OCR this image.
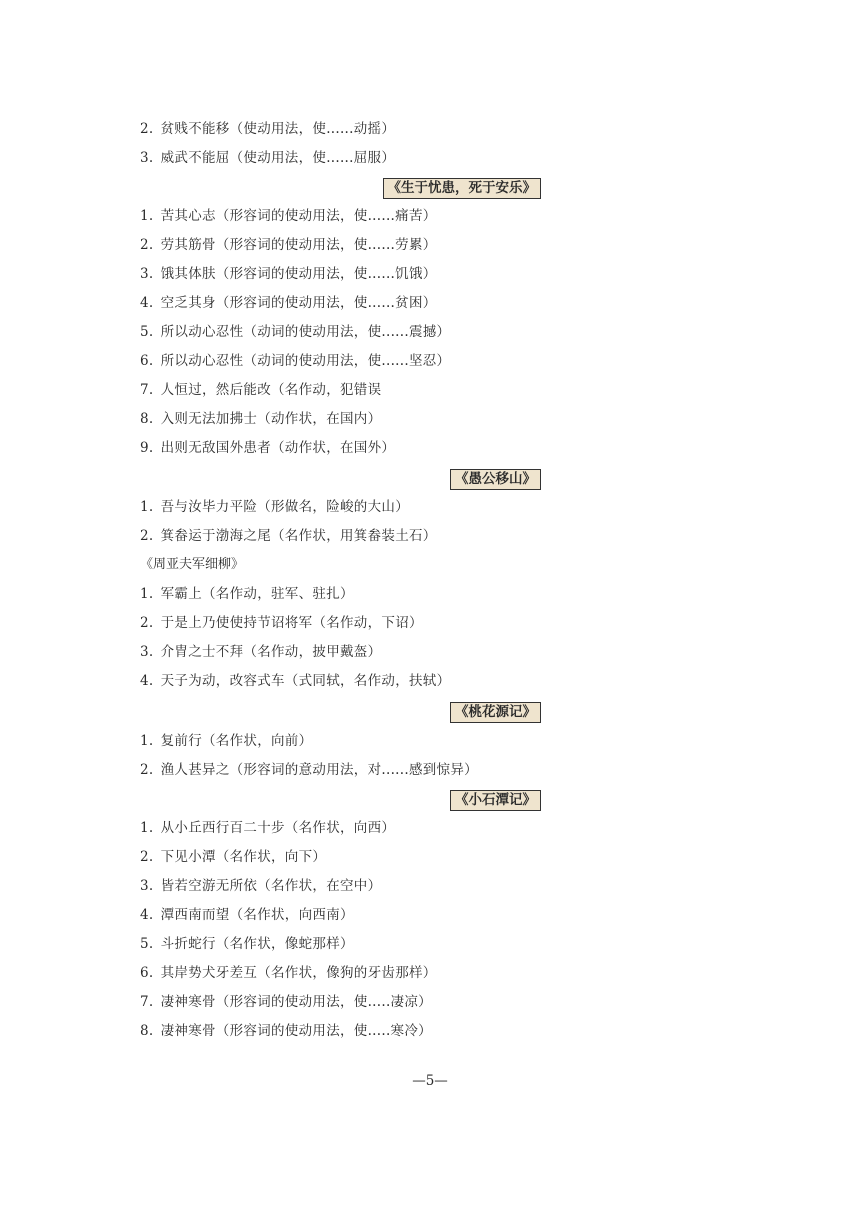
2. 贫贱不能移（使动用法，使......动摇）
3. 威武不能屈（使动用法，使......屈服）
《生于忧患，死于安乐》
1. 苦其心志（形容词的使动用法，使......痛苦）
2. 劳其筋骨（形容词的使动用法，使......劳累）
3. 饿其体肤（形容词的使动用法，使......饥饿）
4. 空乏其身（形容词的使动用法，使......贫困）
5. 所以动心忍性（动词的使动用法，使......震撼）
6. 所以动心忍性（动词的使动用法，使......坚忍）
7. 人恒过，然后能改（名作动，犯错误
8. 入则无法加拂士（动作状，在国内）
9. 出则无敌国外患者（动作状，在国外）
《愚公移山》
1. 吾与汝毕力平险（形做名，险峻的大山）
2. 箕畚运于渤海之尾（名作状，用箕畚装土石）
《周亚夫军细柳》
1. 军霸上（名作动，驻军、驻扎）
2. 于是上乃使使持节诏将军（名作动，下诏）
3. 介胄之士不拜（名作动，披甲戴盔）
4. 天子为动，改容式车（式同轼，名作动，扶轼）
《桃花源记》
1. 复前行（名作状，向前）
2. 渔人甚异之（形容词的意动用法，对......感到惊异）
《小石潭记》
1. 从小丘西行百二十步（名作状，向西）
2. 下见小潭（名作状，向下）
3. 皆若空游无所依（名作状，在空中）
4. 潭西南而望（名作状，向西南）
5. 斗折蛇行（名作状，像蛇那样）
6. 其岸势犬牙差互（名作状，像狗的牙齿那样）
7. 凄神寒骨（形容词的使动用法，使.....凄凉）
8. 凄神寒骨（形容词的使动用法，使.....寒冷）
—5—
